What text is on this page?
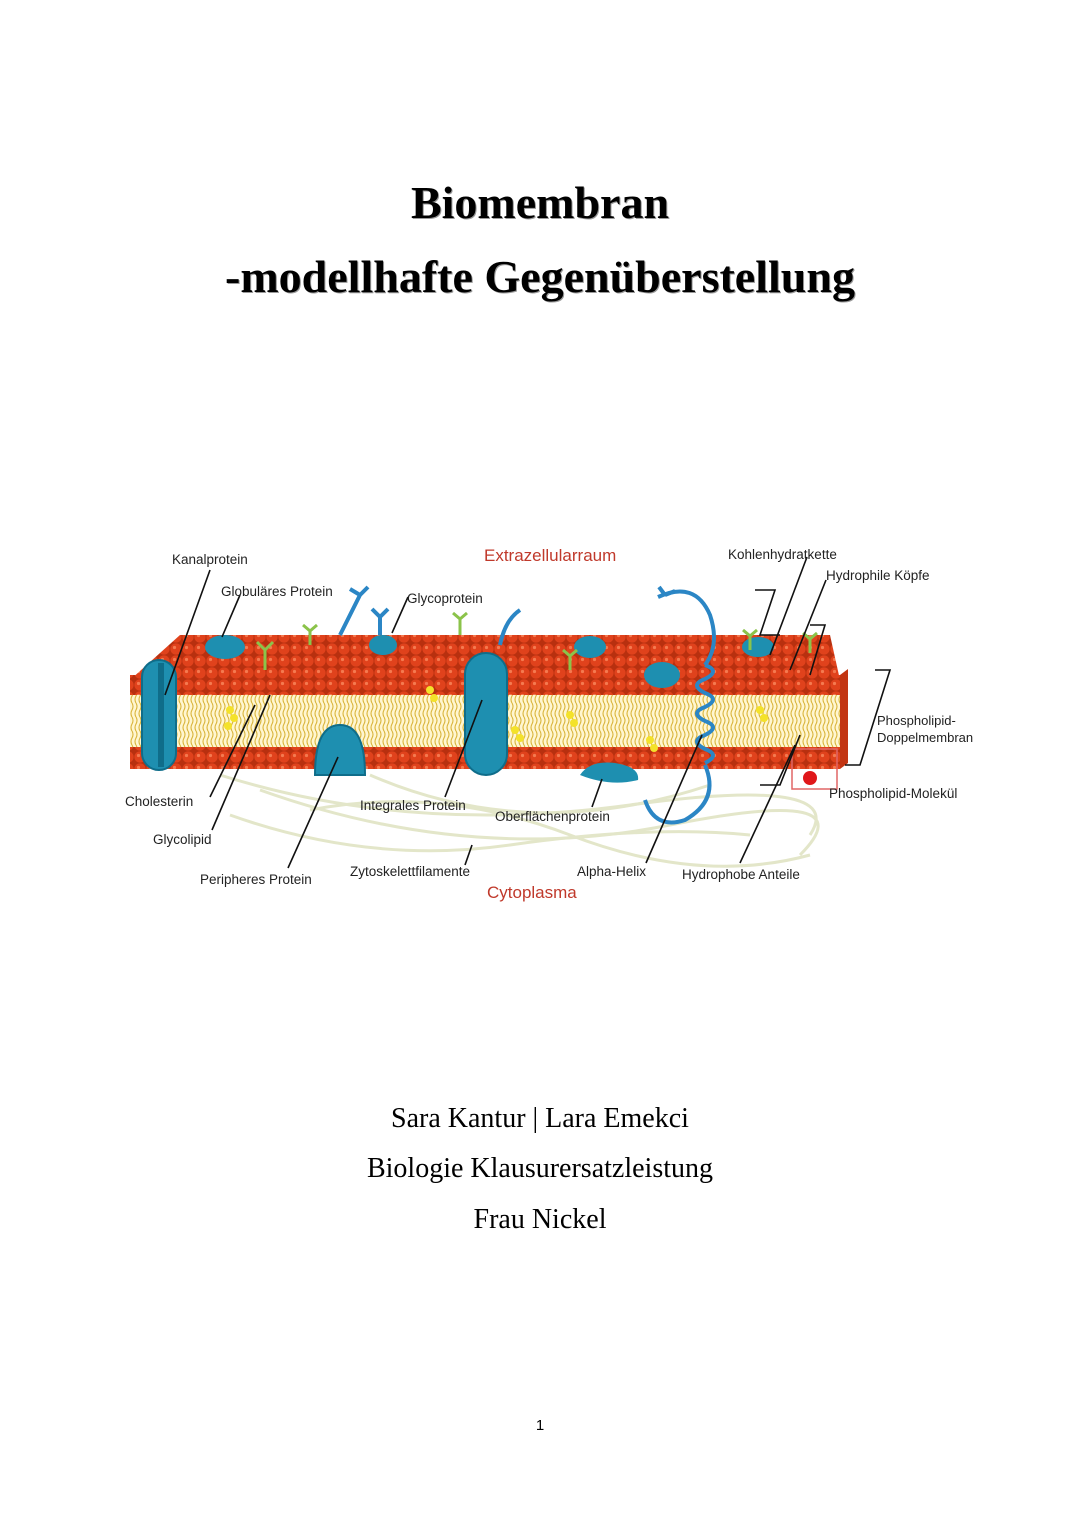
Biomembran
-modellhafte Gegenüberstellung
Kanalprotein
Globuläres Protein	Glycoprotein
Extrazellularraum	Kohlenhydratkette
Hydrophile Köpfe
Phospholipid-
Doppelmembran
Phospholipid-Molekül
Cholesterin
Glycolipid
Integrales Protein
Oberflächenprotein
Peripheres Protein
Zytoskelettfilamente	Alpha-Helix	Hydrophobe Anteile
Cytoplasma
Sara Kantur | Lara Emekci
Biologie Klausurersatzleistung
Frau Nickel
1
